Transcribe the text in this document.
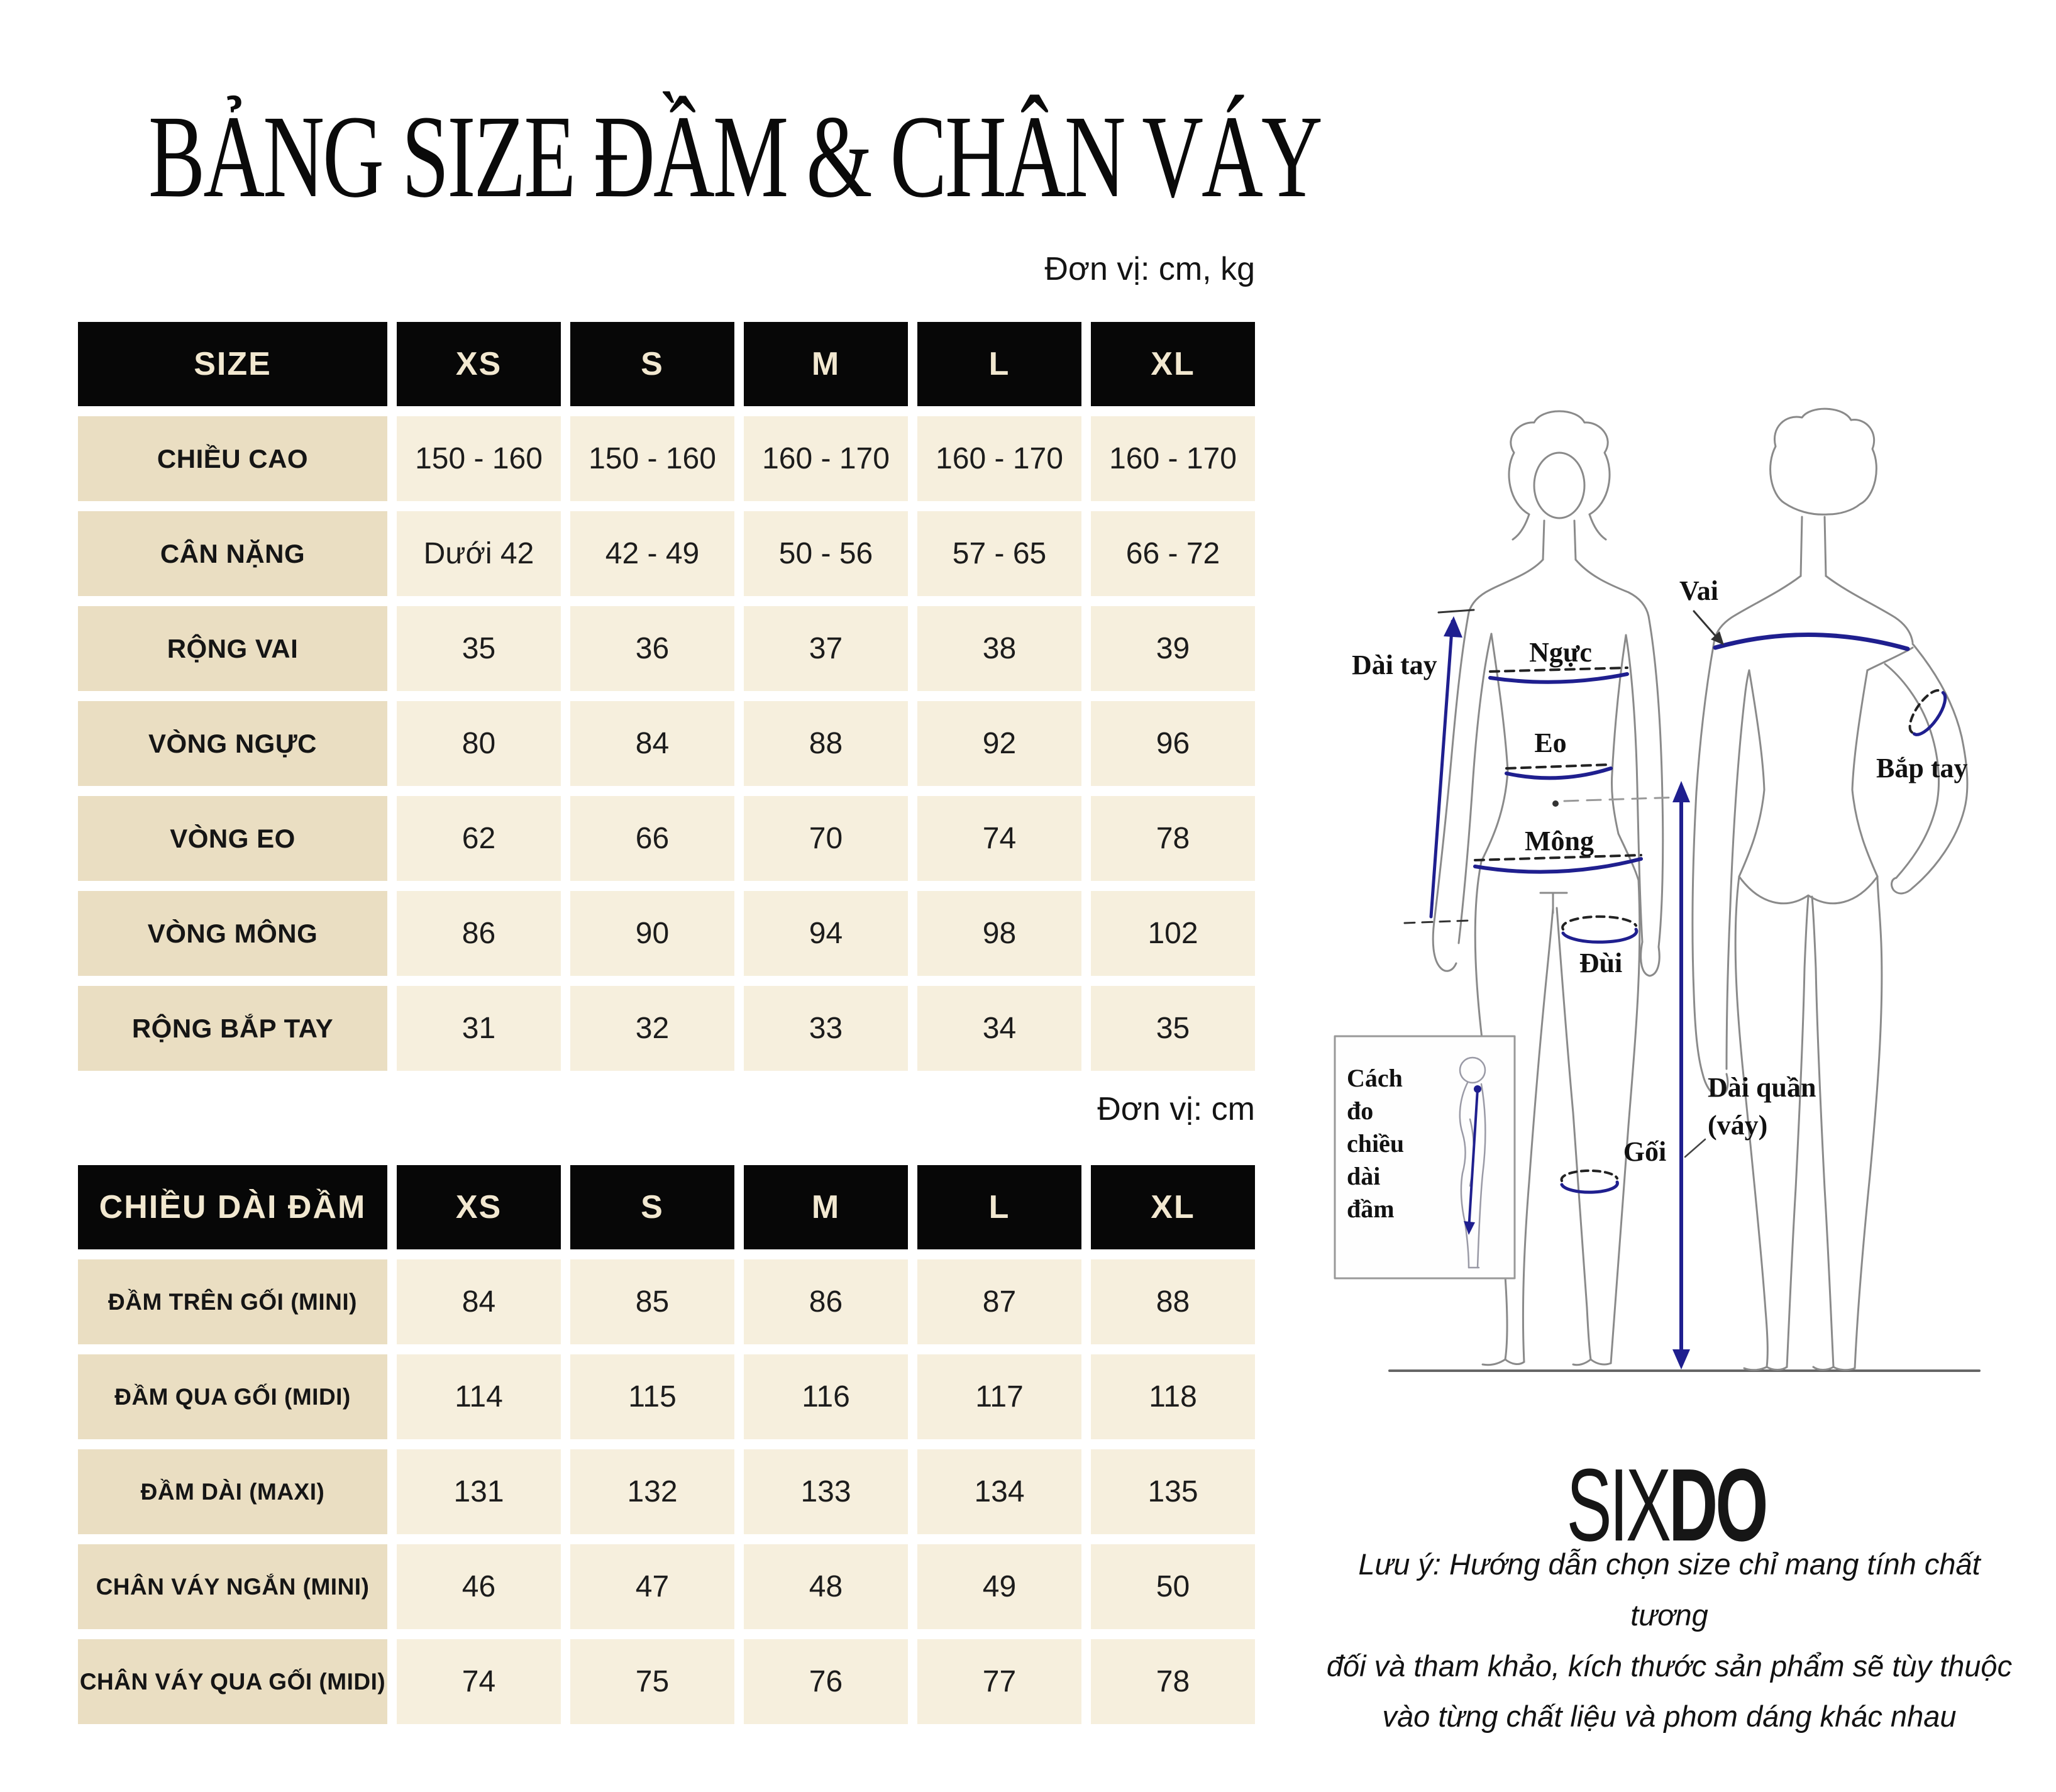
BẢNG SIZE ĐẦM & CHÂN VÁY
Đơn vị: cm, kg
Đơn vị: cm
SIZE	XS	S	M	L	XL
CHIỀU CAO	150 - 160	150 - 160	160 - 170	160 - 170	160 - 170
CÂN NẶNG	Dưới 42	42 - 49	50 - 56	57 - 65	66 - 72
RỘNG VAI	35	36	37	38	39
VÒNG NGỰC	80	84	88	92	96
VÒNG EO	62	66	70	74	78
VÒNG MÔNG	86	90	94	98	102
RỘNG BẮP TAY	31	32	33	34	35
CHIỀU DÀI ĐẦM	XS	S	M	L	XL
ĐẦM TRÊN GỐI (MINI)	84	85	86	87	88
ĐẦM QUA GỐI (MIDI)	114	115	116	117	118
ĐẦM DÀI (MAXI)	131	132	133	134	135
CHÂN VÁY NGẮN (MINI)	46	47	48	49	50
CHÂN VÁY QUA GỐI (MIDI)	74	75	76	77	78
Cách
đo
chiều
dài
đầm
Dài tay	Ngực
Eo
Mông
Đùi
Gối
Vai
Bắp tay
Dài quần
(váy)
SIXDO
Lưu ý: Hướng dẫn chọn size chỉ mang tính chất tương
đối và tham khảo, kích thước sản phẩm sẽ tùy thuộc
vào từng chất liệu và phom dáng khác nhau
